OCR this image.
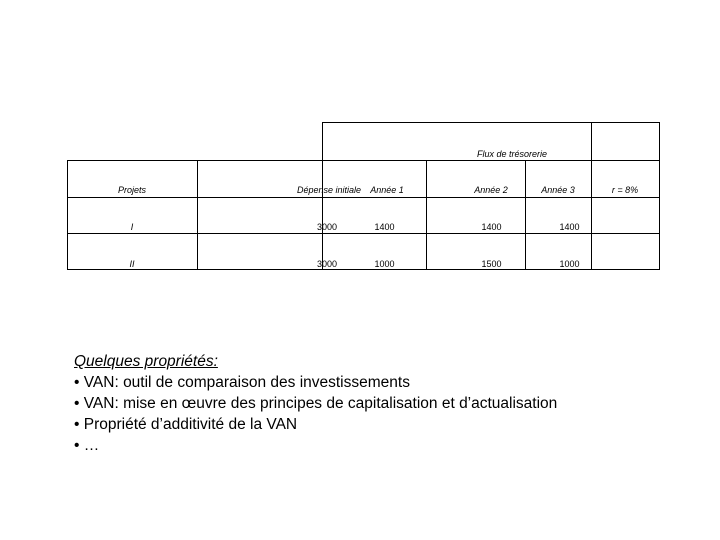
Flux de trésorerie
Projets	Dépense initiale	Année 1	Année 2	Année 3	r = 8%
I	3000	1400	1400	1400
II	3000	1000	1500	1000
Quelques propriétés:
• VAN: outil de comparaison des investissements
• VAN: mise en œuvre des principes de capitalisation et d’actualisation
• Propriété d’additivité de la VAN
• …
